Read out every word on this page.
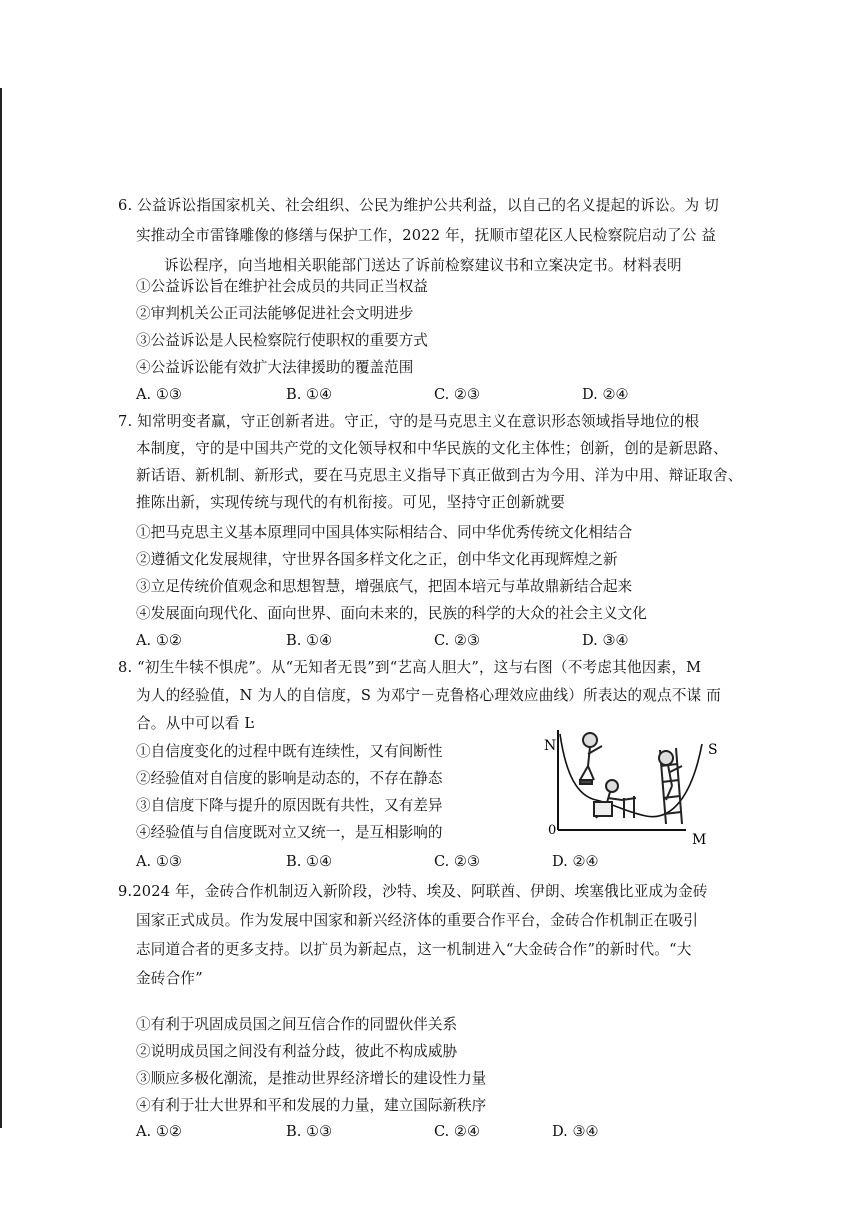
6. 公益诉讼指国家机关、社会组织、公民为维护公共利益，以自己的名义提起的诉讼。为 切
实推动全市雷锋雕像的修缮与保护工作，2022 年，抚顺市望花区人民检察院启动了公 益
诉讼程序，向当地相关职能部门送达了诉前检察建议书和立案决定书。材料表明
①公益诉讼旨在维护社会成员的共同正当权益
②审判机关公正司法能够促进社会文明进步
③公益诉讼是人民检察院行使职权的重要方式
④公益诉讼能有效扩大法律援助的覆盖范围
A. ①③	B. ①④	C. ②③	D. ②④
7. 知常明变者赢，守正创新者进。守正，守的是马克思主义在意识形态领域指导地位的根
本制度，守的是中国共产党的文化领导权和中华民族的文化主体性；创新，创的是新思路、
新话语、新机制、新形式，要在马克思主义指导下真正做到古为今用、洋为中用、辩证取舍、
推陈出新，实现传统与现代的有机衔接。可见，坚持守正创新就要
①把马克思主义基本原理同中国具体实际相结合、同中华优秀传统文化相结合
②遵循文化发展规律，守世界各国多样文化之正，创中华文化再现辉煌之新
③立足传统价值观念和思想智慧，增强底气，把固本培元与革故鼎新结合起来
④发展面向现代化、面向世界、面向未来的，民族的科学的大众的社会主义文化
A. ①②	B. ①④	C. ②③	D. ③④
8. “初生牛犊不惧虎”。从“无知者无畏”到“艺高人胆大”，这与右图（不考虑其他因素，M
为人的经验值，N 为人的自信度，S 为邓宁－克鲁格心理效应曲线）所表达的观点不谋 而
合。从中可以看 Ŀ
①自信度变化的过程中既有连续性，又有间断性
②经验值对自信度的影响是动态的，不存在静态
③自信度下降与提升的原因既有共性，又有差异
④经验值与自信度既对立又统一，是互相影响的
A. ①③	B. ①④	C. ②③	D. ②④
N	S
0
M
9.2024 年，金砖合作机制迈入新阶段，沙特、埃及、阿联酋、伊朗、埃塞俄比亚成为金砖
国家正式成员。作为发展中国家和新兴经济体的重要合作平台，金砖合作机制正在吸引
志同道合者的更多支持。以扩员为新起点，这一机制进入“大金砖合作”的新时代。“大
金砖合作”
①有利于巩固成员国之间互信合作的同盟伙伴关系
②说明成员国之间没有利益分歧，彼此不构成威胁
③顺应多极化潮流，是推动世界经济增长的建设性力量
④有利于壮大世界和平和发展的力量，建立国际新秩序
A. ①②	B. ①③	C. ②④	D. ③④
